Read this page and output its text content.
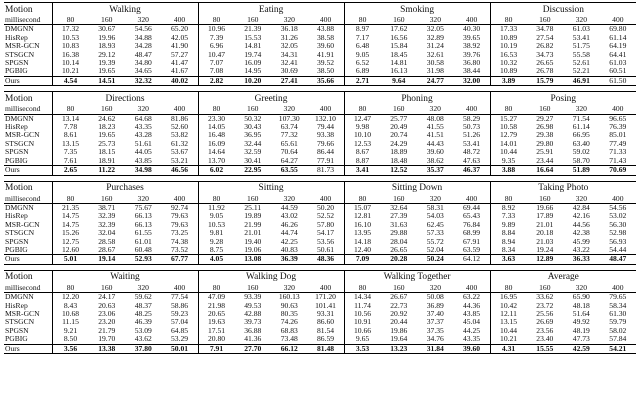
Motion	Walking				Eating				Smoking				Discussion			
millisecond	80	160	320	400	80	160	320	400	80	160	320	400	80	160	320	400
DMGNN	17.32	30.67	54.56	65.20	10.96	21.39	36.18	43.88	8.97	17.62	32.05	40.30	17.33	34.78	61.03	69.80
HisRep	10.53	19.96	34.88	42.05	7.39	15.53	31.26	38.58	7.17	16.56	32.89	39.65	10.89	27.54	53.41	61.14
MSR-GCN	10.83	18.93	34.28	41.90	6.96	14.81	32.05	39.60	6.48	15.84	31.24	38.92	10.19	26.82	51.75	64.19
STSGCN	16.38	29.12	48.47	57.27	10.47	19.74	34.31	41.91	9.05	18.45	32.61	39.76	16.53	34.73	55.58	64.41
SPGSN	10.14	19.39	34.80	41.47	7.07	16.09	32.41	39.52	6.52	14.81	30.58	36.80	10.32	26.65	52.61	61.03
PGBIG	10.21	19.65	34.65	41.67	7.08	14.95	30.69	38.50	6.89	16.13	31.98	38.44	10.89	26.78	52.21	60.51
Ours	4.54	14.51	32.32	40.02	2.82	10.20	27.41	35.66	2.71	9.64	24.77	32.00	3.89	15.79	46.91	61.50
Motion	Directions				Greeting				Phoning				Posing			
millisecond	80	160	320	400	80	160	320	400	80	160	320	400	80	160	320	400
DMGNN	13.14	24.62	64.68	81.86	23.30	50.32	107.30	132.10	12.47	25.77	48.08	58.29	15.27	29.27	71.54	96.65
HisRep	7.78	18.23	43.35	52.60	14.05	30.43	63.74	79.44	9.98	20.49	41.55	50.73	10.58	26.98	61.14	76.39
MSR-GCN	8.61	19.65	43.28	53.82	16.48	36.95	77.32	93.38	10.10	20.74	41.51	51.26	12.79	29.38	66.95	85.01
STSGCN	13.15	25.73	51.61	61.32	16.09	32.44	65.61	79.66	12.53	24.29	44.43	53.41	14.01	29.80	63.40	77.49
SPGSN	7.35	18.15	44.05	53.67	14.64	32.59	70.64	86.44	8.67	18.89	39.60	48.72	10.44	25.91	59.02	71.33
PGBIG	7.61	18.91	43.85	53.21	13.70	30.41	64.27	77.91	8.87	18.48	38.62	47.63	9.35	23.44	58.70	71.43
Ours	2.65	11.22	34.98	46.56	6.02	22.95	63.55	81.73	3.41	12.52	35.37	46.37	3.88	16.64	51.89	70.69
Motion	Purchases				Sitting				Sitting Down				Taking Photo			
millisecond	80	160	320	400	80	160	320	400	80	160	320	400	80	160	320	400
DMGNN	21.35	38.71	75.67	92.74	11.92	25.11	44.59	50.20	15.07	32.64	58.31	69.44	8.92	19.66	42.84	54.56
HisRep	14.75	32.39	66.13	79.63	9.05	19.89	43.02	52.52	12.81	27.39	54.03	65.43	7.33	17.89	42.16	53.02
MSR-GCN	14.75	32.39	66.13	79.63	10.53	21.99	46.26	57.80	16.10	31.63	62.45	76.84	9.89	21.01	44.56	56.30
STSGCN	15.26	32.04	61.55	73.25	9.81	21.01	44.74	54.17	13.95	29.88	57.33	68.99	8.84	20.18	42.38	52.98
SPGSN	12.75	28.58	61.01	74.38	9.28	19.40	42.25	53.56	14.18	28.04	55.72	67.91	8.94	21.03	45.99	56.93
PGBIG	12.60	28.67	60.48	73.52	8.75	19.06	40.83	50.61	12.40	26.65	52.04	63.59	8.34	19.24	43.22	54.44
Ours	5.01	19.14	52.93	67.77	4.05	13.08	36.39	48.36	7.09	20.28	50.24	64.12	3.63	12.89	36.33	48.47
Motion	Waiting				Walking Dog				Walking Together				Average			
millisecond	80	160	320	400	80	160	320	400	80	160	320	400	80	160	320	400
DMGNN	12.20	24.17	59.62	77.54	47.09	93.39	160.13	171.20	14.34	26.67	50.08	63.22	16.95	33.62	65.90	79.65
HisRep	8.43	20.63	48.37	58.86	21.98	49.53	90.63	101.41	11.74	22.73	36.89	44.36	10.42	23.72	48.18	58.34
MSR-GCN	10.68	23.06	48.25	59.23	20.65	42.88	80.35	93.31	10.56	20.92	37.40	43.85	12.11	25.56	51.64	61.30
STSGCN	11.15	23.20	46.39	57.04	19.63	39.73	74.26	86.60	10.91	20.44	37.37	45.04	13.15	26.69	49.92	59.79
SPGSN	9.21	21.79	53.09	64.85	17.51	36.88	68.83	81.54	10.66	19.86	37.35	44.25	10.44	23.56	48.19	58.02
PGBIG	8.50	19.70	43.62	53.29	20.80	41.36	73.48	86.59	9.65	19.64	34.76	43.35	10.21	23.40	47.73	57.84
Ours	3.56	13.38	37.80	50.01	7.91	27.70	66.12	81.48	3.53	13.23	31.84	39.60	4.31	15.55	42.59	54.21
